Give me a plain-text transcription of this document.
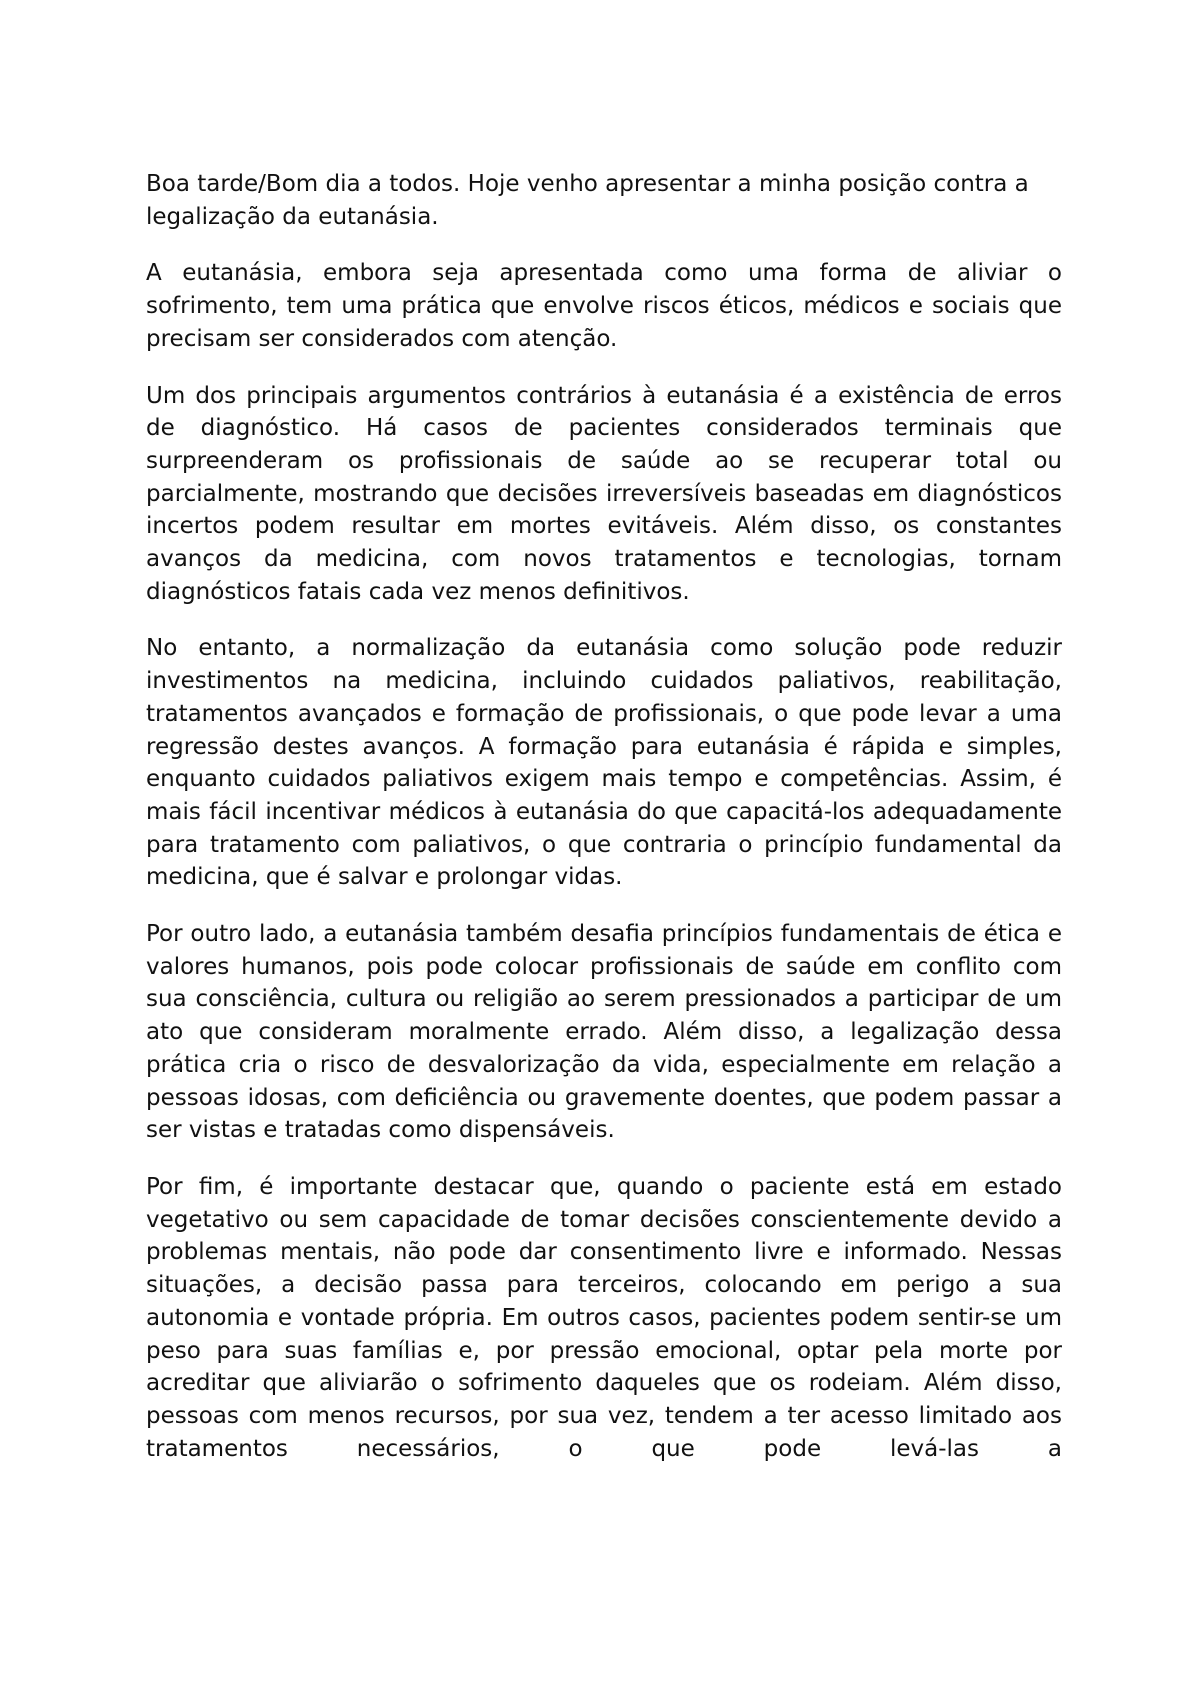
Boa tarde/Bom dia a todos. Hoje venho apresentar a minha posição contra a legalização da eutanásia.

A eutanásia, embora seja apresentada como uma forma de aliviar o sofrimento, tem uma prática que envolve riscos éticos, médicos e sociais que precisam ser considerados com atenção.

Um dos principais argumentos contrários à eutanásia é a existência de erros de diagnóstico. Há casos de pacientes considerados terminais que surpreenderam os profissionais de saúde ao se recuperar total ou parcialmente, mostrando que decisões irreversíveis baseadas em diagnósticos incertos podem resultar em mortes evitáveis. Além disso, os constantes avanços da medicina, com novos tratamentos e tecnologias, tornam diagnósticos fatais cada vez menos definitivos.

No entanto, a normalização da eutanásia como solução pode reduzir investimentos na medicina, incluindo cuidados paliativos, reabilitação, tratamentos avançados e formação de profissionais, o que pode levar a uma regressão destes avanços. A formação para eutanásia é rápida e simples, enquanto cuidados paliativos exigem mais tempo e competências. Assim, é mais fácil incentivar médicos à eutanásia do que capacitá-los adequadamente para tratamento com paliativos, o que contraria o princípio fundamental da medicina, que é salvar e prolongar vidas.

Por outro lado, a eutanásia também desafia princípios fundamentais de ética e valores humanos, pois pode colocar profissionais de saúde em conflito com sua consciência, cultura ou religião ao serem pressionados a participar de um ato que consideram moralmente errado. Além disso, a legalização dessa prática cria o risco de desvalorização da vida, especialmente em relação a pessoas idosas, com deficiência ou gravemente doentes, que podem passar a ser vistas e tratadas como dispensáveis.

Por fim, é importante destacar que, quando o paciente está em estado vegetativo ou sem capacidade de tomar decisões conscientemente devido a problemas mentais, não pode dar consentimento livre e informado. Nessas situações, a decisão passa para terceiros, colocando em perigo a sua autonomia e vontade própria. Em outros casos, pacientes podem sentir-se um peso para suas famílias e, por pressão emocional, optar pela morte por acreditar que aliviarão o sofrimento daqueles que os rodeiam. Além disso, pessoas com menos recursos, por sua vez, tendem a ter acesso limitado aos tratamentos necessários, o que pode levá-las a
